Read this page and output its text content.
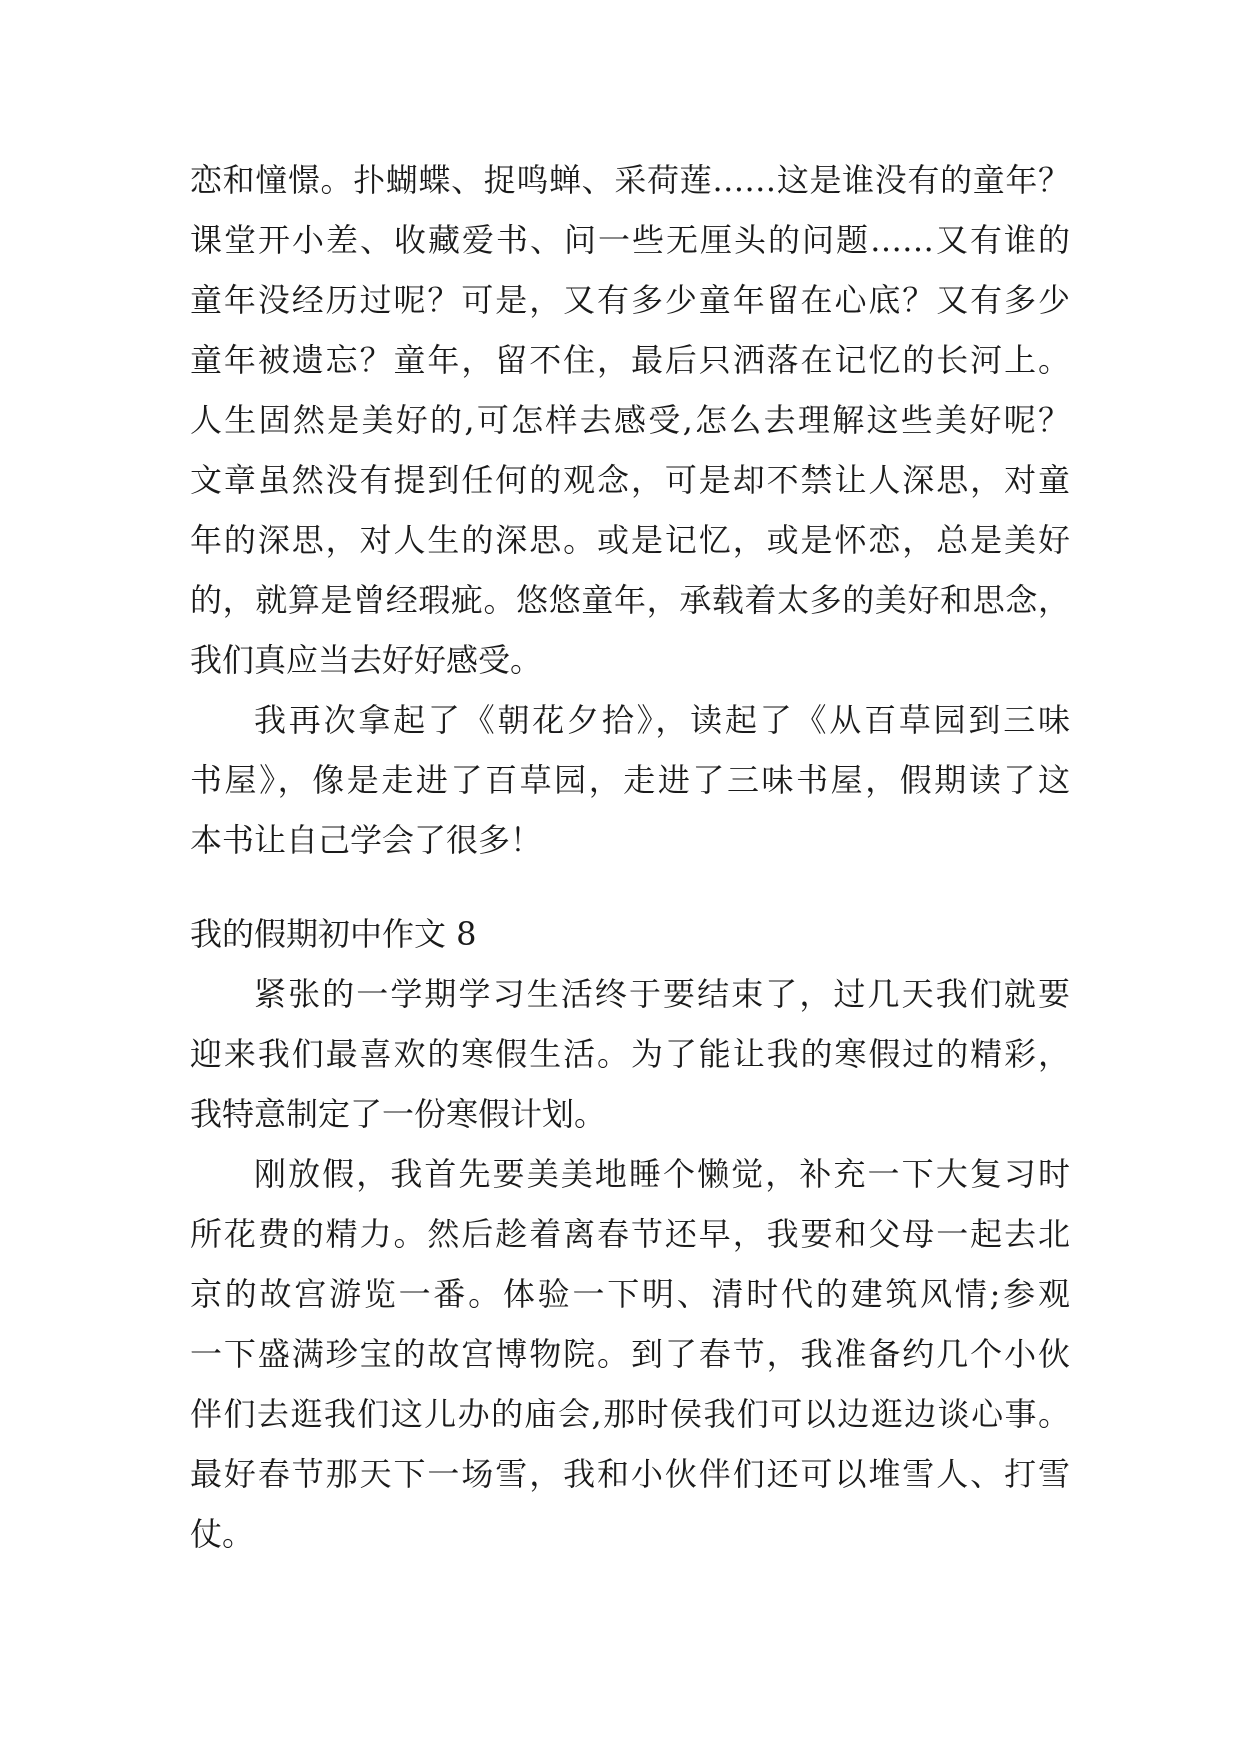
恋和憧憬。扑蝴蝶、捉鸣蝉、采荷莲……这是谁没有的童年？
课堂开小差、收藏爱书、问一些无厘头的问题……又有谁的
童年没经历过呢？可是，又有多少童年留在心底？又有多少
童年被遗忘？童年，留不住，最后只洒落在记忆的长河上。
人生固然是美好的,可怎样去感受,怎么去理解这些美好呢？
文章虽然没有提到任何的观念，可是却不禁让人深思，对童
年的深思，对人生的深思。或是记忆，或是怀恋，总是美好
的，就算是曾经瑕疵。悠悠童年，承载着太多的美好和思念，
我们真应当去好好感受。
我再次拿起了《朝花夕拾》，读起了《从百草园到三味
书屋》，像是走进了百草园，走进了三味书屋，假期读了这
本书让自己学会了很多！
我的假期初中作文 8
紧张的一学期学习生活终于要结束了，过几天我们就要
迎来我们最喜欢的寒假生活。为了能让我的寒假过的精彩，
我特意制定了一份寒假计划。
刚放假，我首先要美美地睡个懒觉，补充一下大复习时
所花费的精力。然后趁着离春节还早，我要和父母一起去北
京的故宫游览一番。体验一下明、清时代的建筑风情;参观
一下盛满珍宝的故宫博物院。到了春节，我准备约几个小伙
伴们去逛我们这儿办的庙会,那时侯我们可以边逛边谈心事。
最好春节那天下一场雪，我和小伙伴们还可以堆雪人、打雪
仗。
